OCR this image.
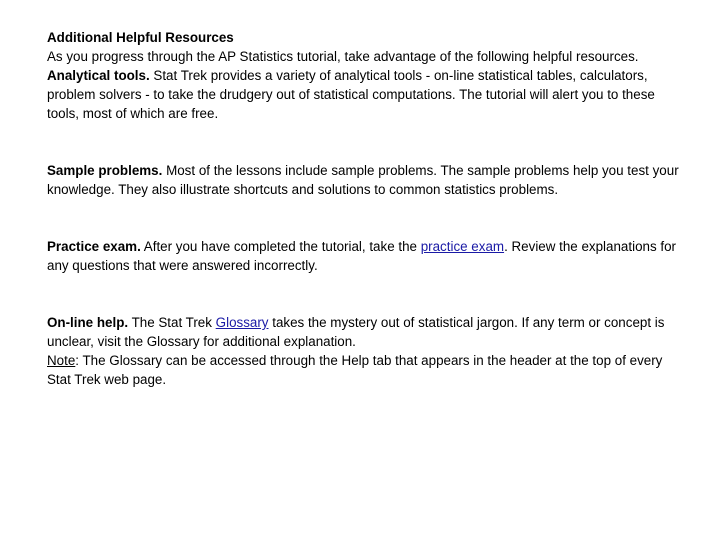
Additional Helpful Resources

As you progress through the AP Statistics tutorial, take advantage of the following helpful resources.

Analytical tools. Stat Trek provides a variety of analytical tools - on-line statistical tables, calculators, problem solvers - to take the drudgery out of statistical computations. The tutorial will alert you to these tools, most of which are free.

Sample problems. Most of the lessons include sample problems. The sample problems help you test your knowledge. They also illustrate shortcuts and solutions to common statistics problems.

Practice exam. After you have completed the tutorial, take the practice exam. Review the explanations for any questions that were answered incorrectly.

On-line help. The Stat Trek Glossary takes the mystery out of statistical jargon. If any term or concept is unclear, visit the Glossary for additional explanation.

Note: The Glossary can be accessed through the Help tab that appears in the header at the top of every Stat Trek web page.
